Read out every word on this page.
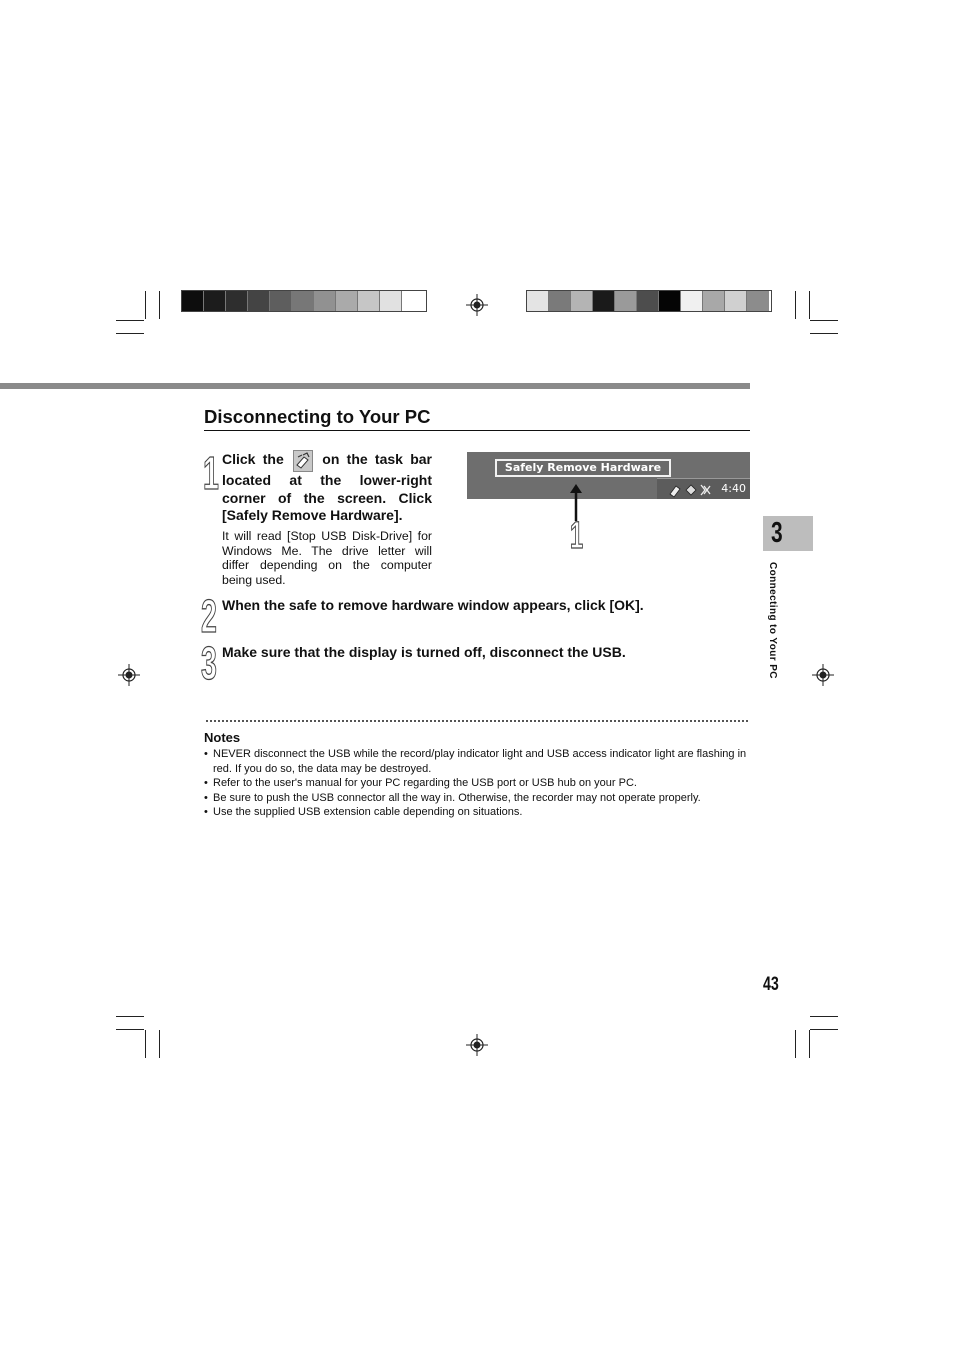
Disconnecting to Your PC
1 Click the	on the task bar located at the lower-right corner of the screen. Click [Safely Remove Hardware].
It will read [Stop USB Disk-Drive] for Windows Me. The drive letter will differ depending on the computer being used.
Safely Remove Hardware
4:40
1
2 When the safe to remove hardware window appears, click [OK].
3 Make sure that the display is turned off, disconnect the USB.
Notes
• NEVER disconnect the USB while the record/play indicator light and USB access indicator light are flashing in red. If you do so, the data may be destroyed.
• Refer to the user's manual for your PC regarding the USB port or USB hub on your PC.
• Be sure to push the USB connector all the way in. Otherwise, the recorder may not operate properly.
• Use the supplied USB extension cable depending on situations.
3
Connecting to Your PC
43
